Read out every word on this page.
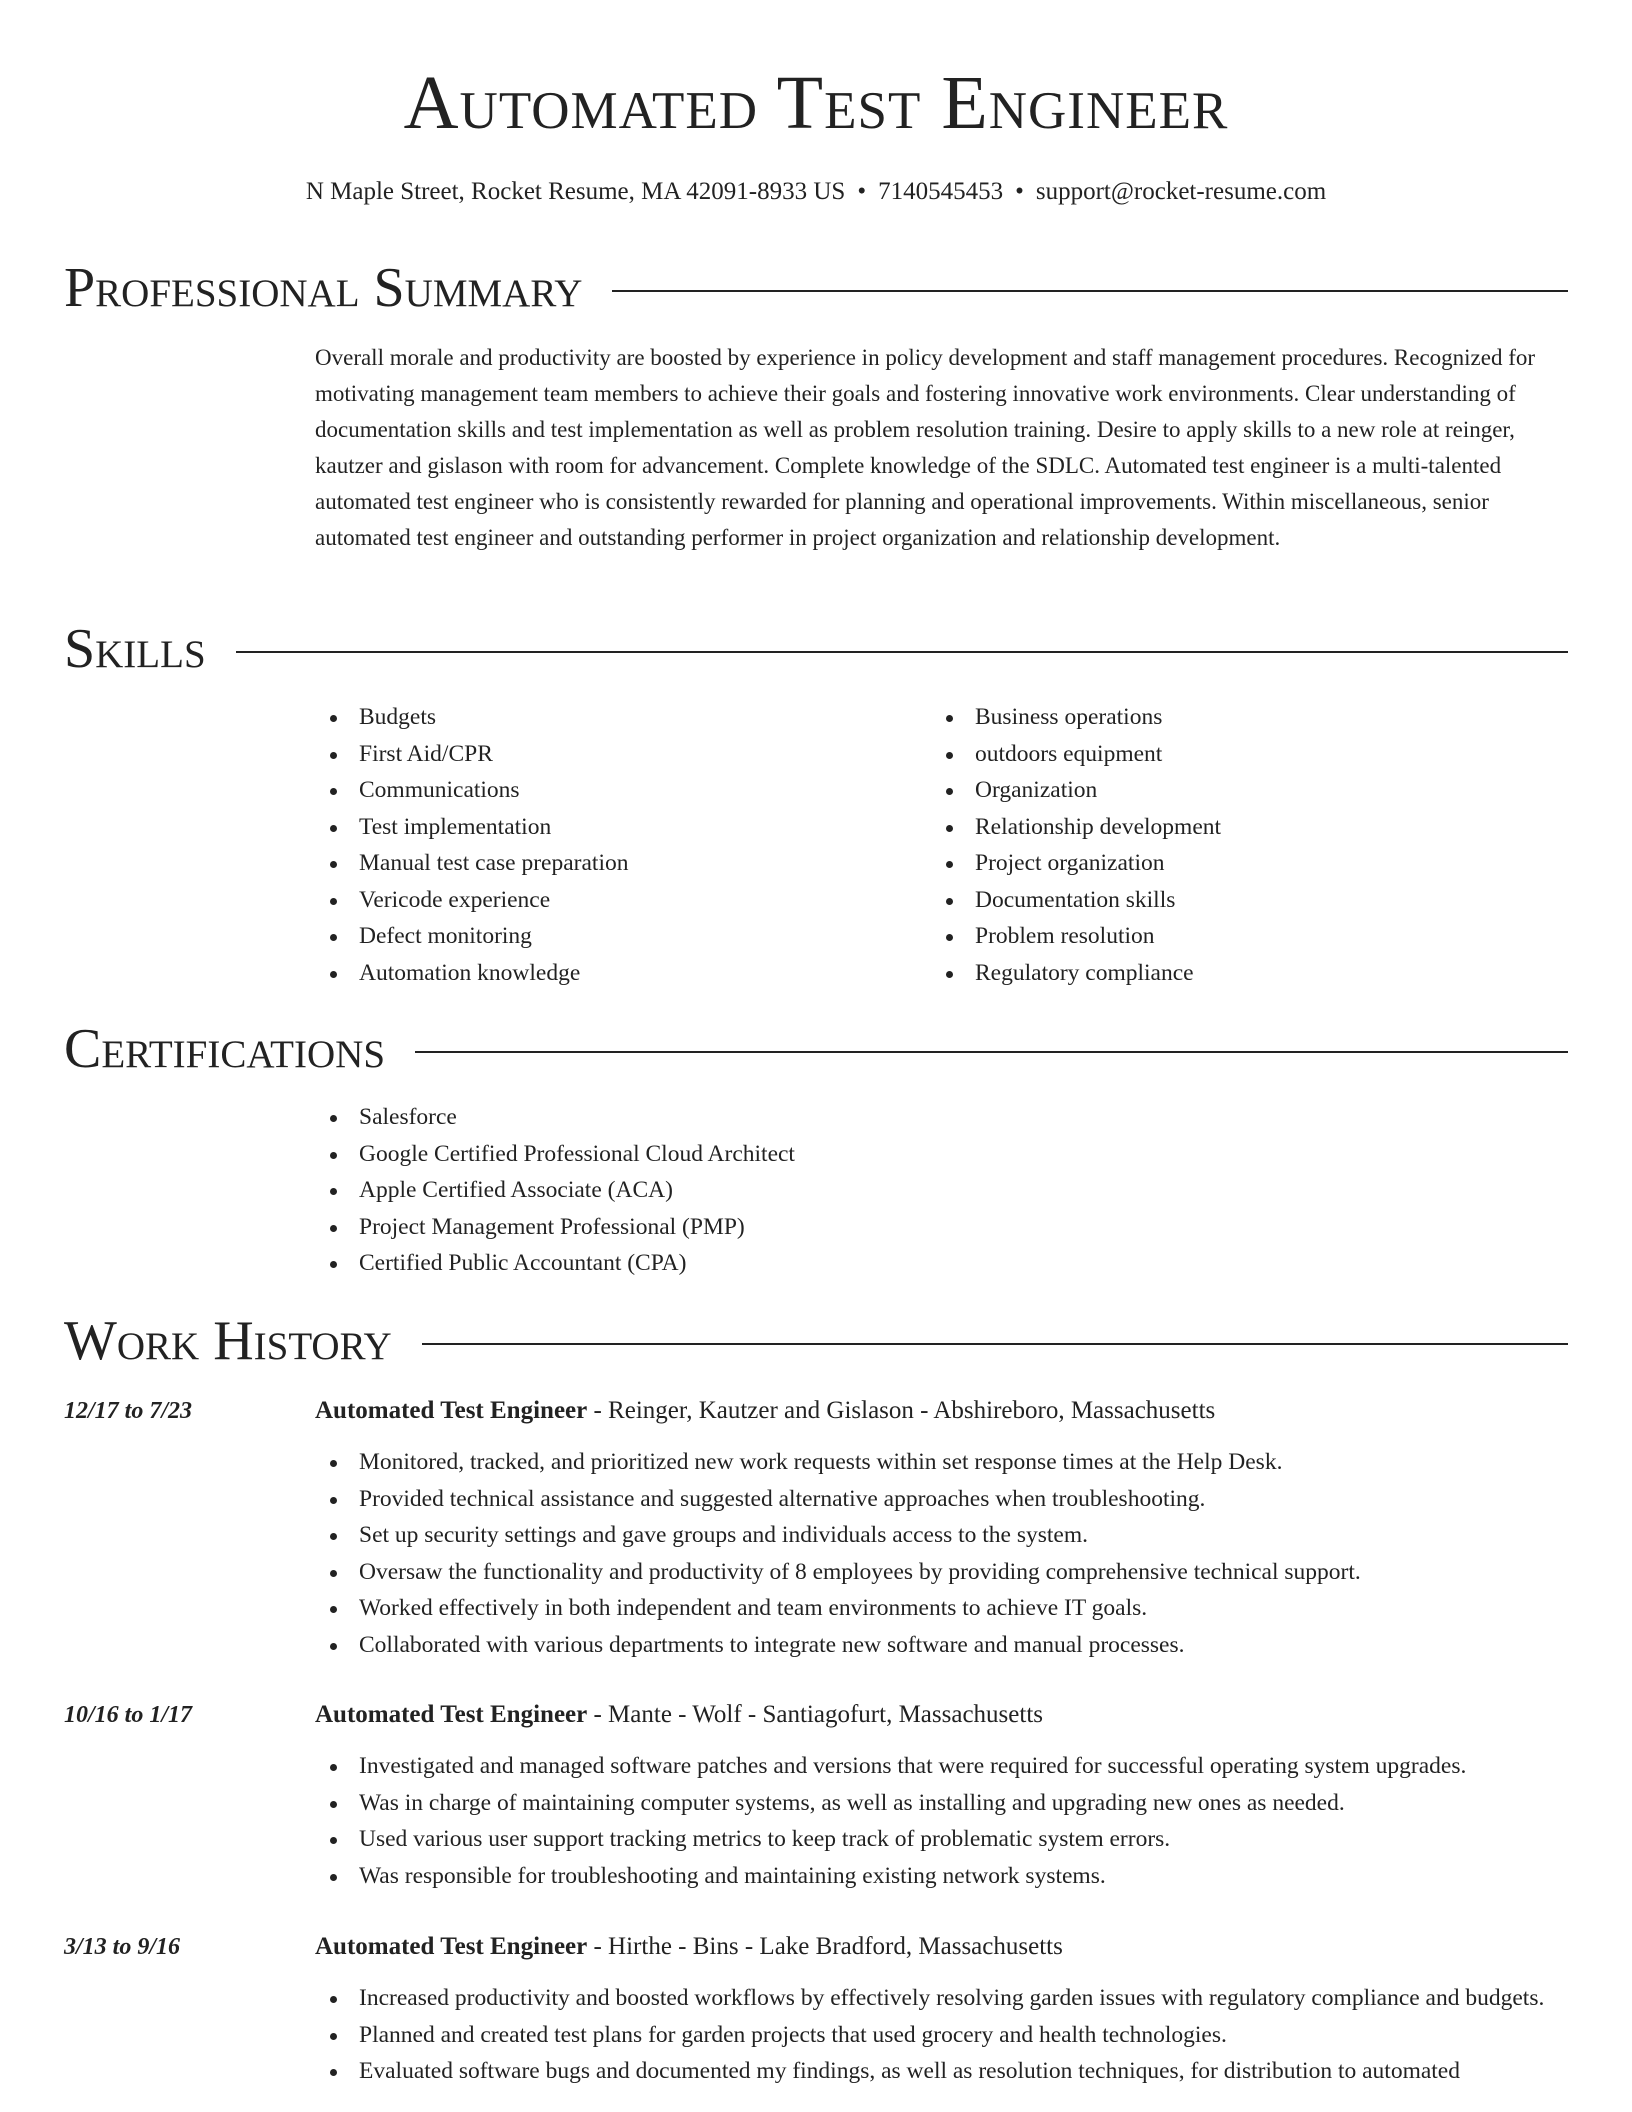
Automated Test Engineer
N Maple Street, Rocket Resume, MA 42091-8933 US • 7140545453 • support@rocket-resume.com
Professional Summary
Overall morale and productivity are boosted by experience in policy development and staff management procedures. Recognized for motivating management team members to achieve their goals and fostering innovative work environments. Clear understanding of documentation skills and test implementation as well as problem resolution training. Desire to apply skills to a new role at reinger, kautzer and gislason with room for advancement. Complete knowledge of the SDLC. Automated test engineer is a multi-talented automated test engineer who is consistently rewarded for planning and operational improvements. Within miscellaneous, senior automated test engineer and outstanding performer in project organization and relationship development.
Skills
Budgets
First Aid/CPR
Communications
Test implementation
Manual test case preparation
Vericode experience
Defect monitoring
Automation knowledge
Business operations
outdoors equipment
Organization
Relationship development
Project organization
Documentation skills
Problem resolution
Regulatory compliance
Certifications
Salesforce
Google Certified Professional Cloud Architect
Apple Certified Associate (ACA)
Project Management Professional (PMP)
Certified Public Accountant (CPA)
Work History
12/17 to 7/23	Automated Test Engineer - Reinger, Kautzer and Gislason - Abshireboro, Massachusetts
Monitored, tracked, and prioritized new work requests within set response times at the Help Desk.
Provided technical assistance and suggested alternative approaches when troubleshooting.
Set up security settings and gave groups and individuals access to the system.
Oversaw the functionality and productivity of 8 employees by providing comprehensive technical support.
Worked effectively in both independent and team environments to achieve IT goals.
Collaborated with various departments to integrate new software and manual processes.
10/16 to 1/17	Automated Test Engineer - Mante - Wolf - Santiagofurt, Massachusetts
Investigated and managed software patches and versions that were required for successful operating system upgrades.
Was in charge of maintaining computer systems, as well as installing and upgrading new ones as needed.
Used various user support tracking metrics to keep track of problematic system errors.
Was responsible for troubleshooting and maintaining existing network systems.
3/13 to 9/16	Automated Test Engineer - Hirthe - Bins - Lake Bradford, Massachusetts
Increased productivity and boosted workflows by effectively resolving garden issues with regulatory compliance and budgets.
Planned and created test plans for garden projects that used grocery and health technologies.
Evaluated software bugs and documented my findings, as well as resolution techniques, for distribution to automated
